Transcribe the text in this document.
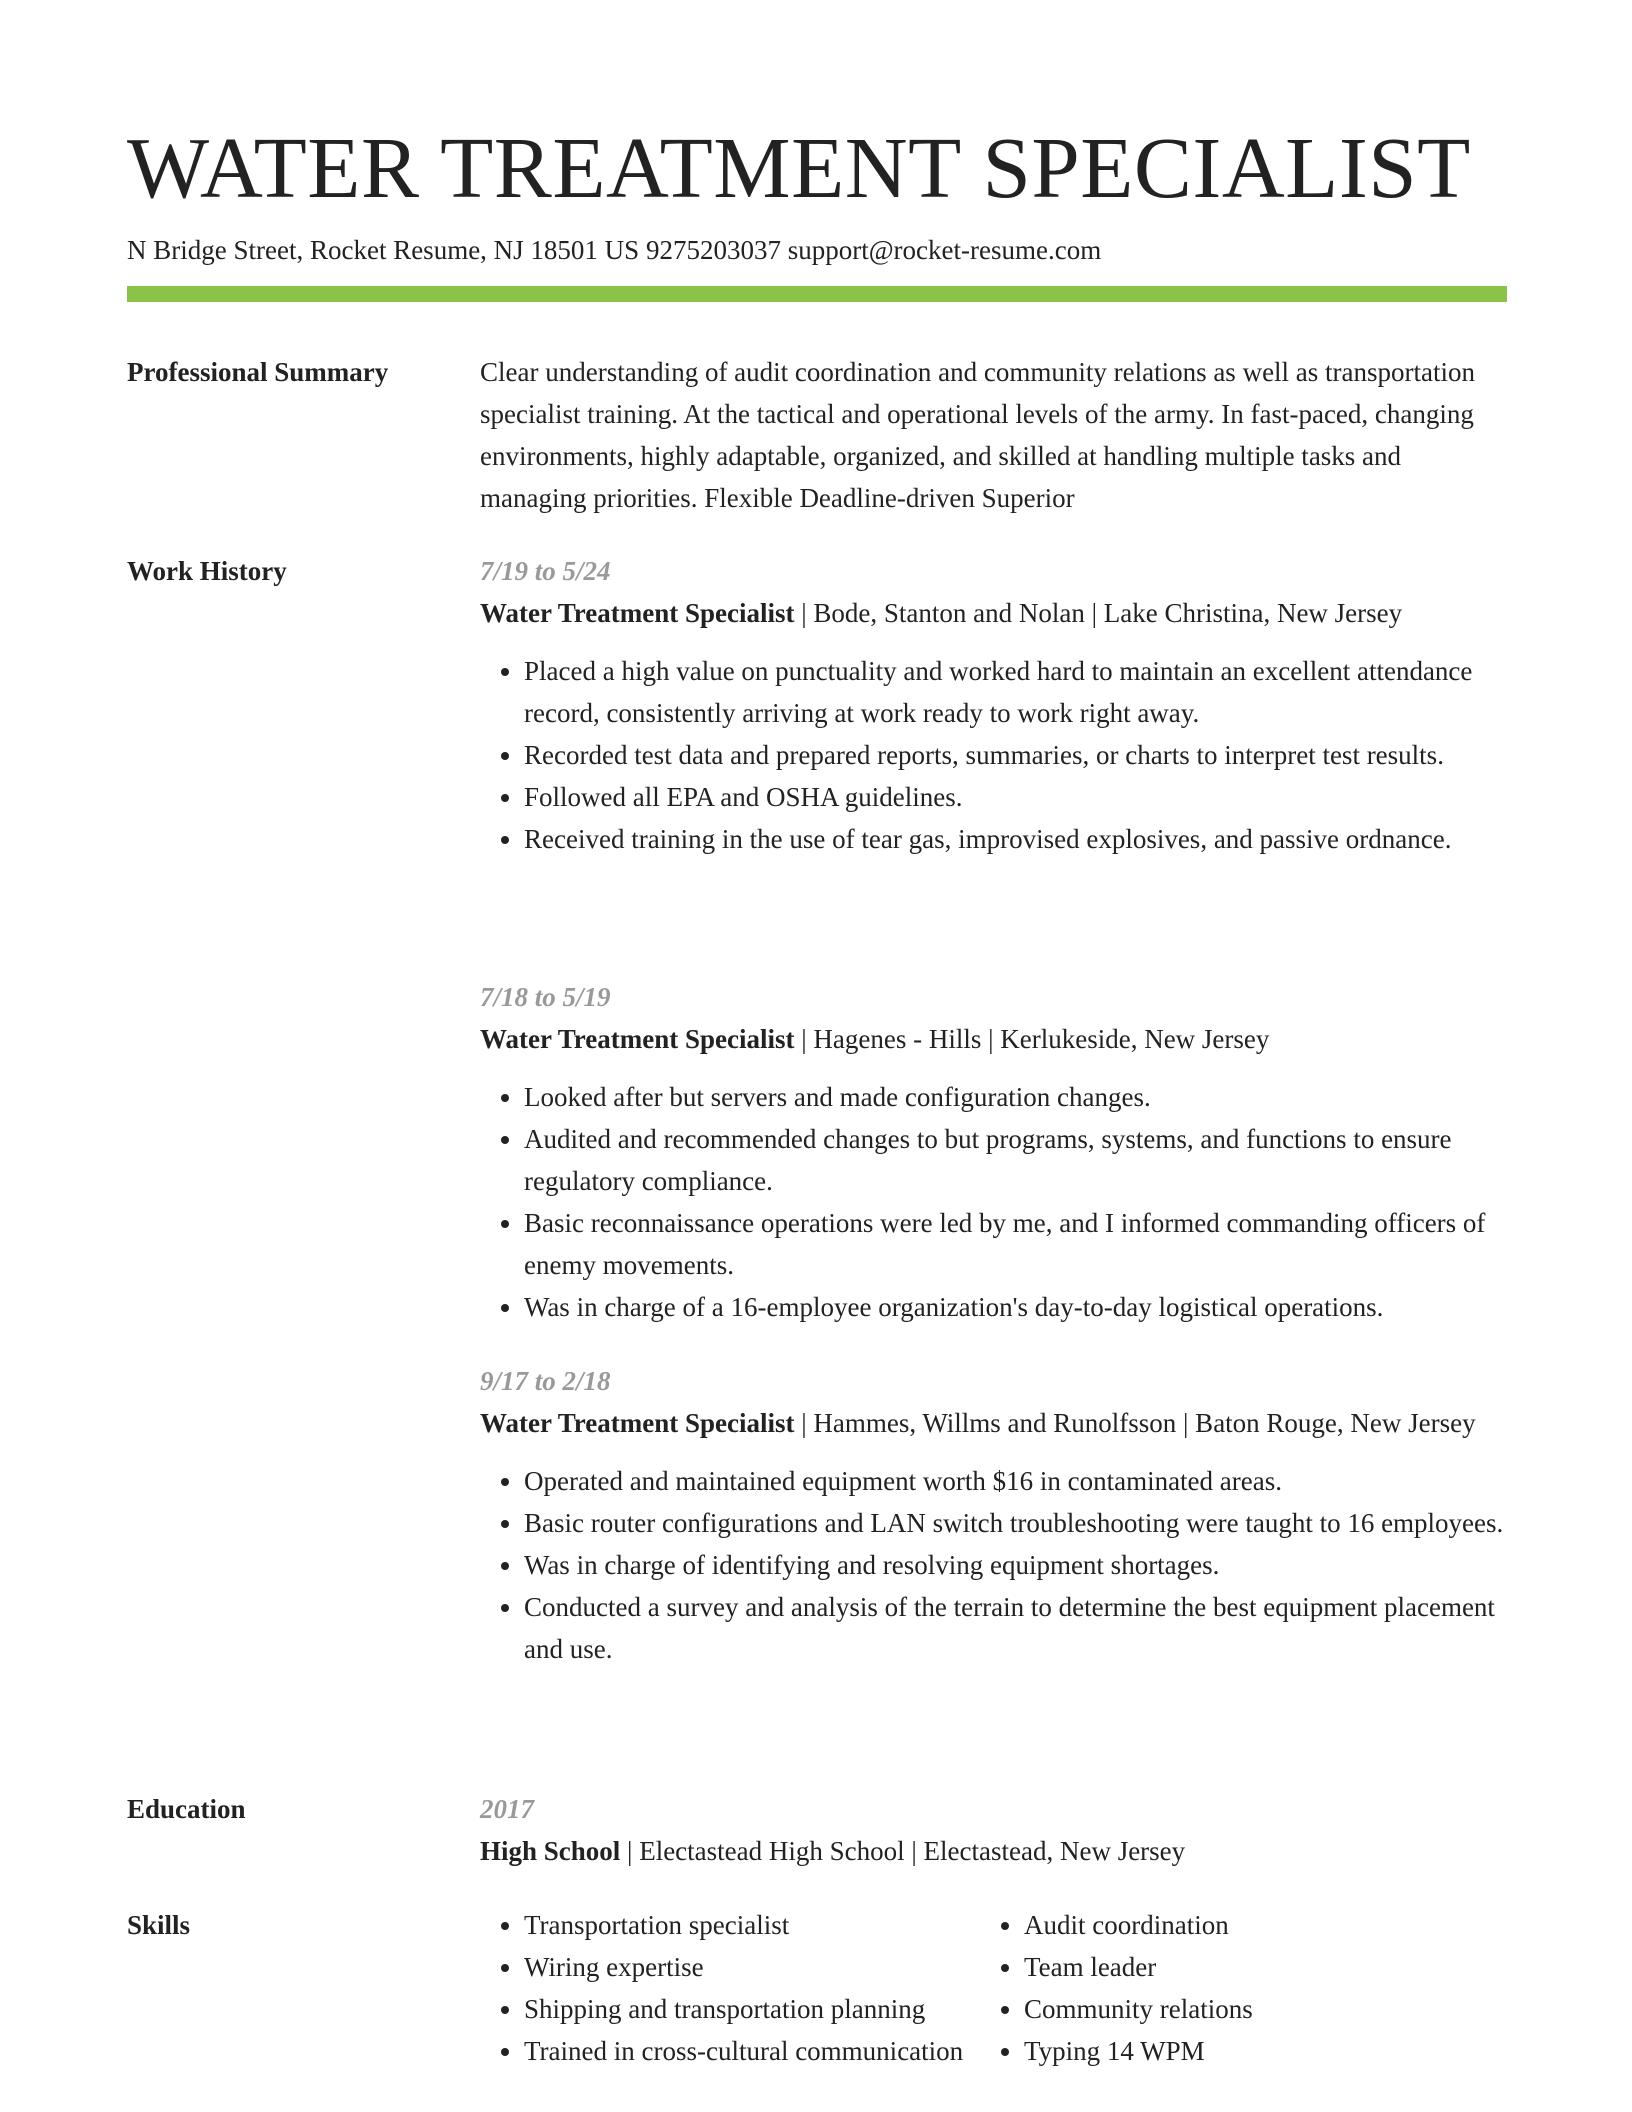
WATER TREATMENT SPECIALIST
N Bridge Street, Rocket Resume, NJ 18501 US 9275203037 support@rocket-resume.com
Professional Summary	Clear understanding of audit coordination and community relations as well as transportation specialist training. At the tactical and operational levels of the army. In fast-paced, changing environments, highly adaptable, organized, and skilled at handling multiple tasks and managing priorities. Flexible Deadline-driven Superior
Work History	7/19 to 5/24
Water Treatment Specialist | Bode, Stanton and Nolan | Lake Christina, New Jersey
• Placed a high value on punctuality and worked hard to maintain an excellent attendance record, consistently arriving at work ready to work right away.
• Recorded test data and prepared reports, summaries, or charts to interpret test results.
• Followed all EPA and OSHA guidelines.
• Received training in the use of tear gas, improvised explosives, and passive ordnance.
7/18 to 5/19
Water Treatment Specialist | Hagenes - Hills | Kerlukeside, New Jersey
• Looked after but servers and made configuration changes.
• Audited and recommended changes to but programs, systems, and functions to ensure regulatory compliance.
• Basic reconnaissance operations were led by me, and I informed commanding officers of enemy movements.
• Was in charge of a 16-employee organization's day-to-day logistical operations.
9/17 to 2/18
Water Treatment Specialist | Hammes, Willms and Runolfsson | Baton Rouge, New Jersey
• Operated and maintained equipment worth $16 in contaminated areas.
• Basic router configurations and LAN switch troubleshooting were taught to 16 employees.
• Was in charge of identifying and resolving equipment shortages.
• Conducted a survey and analysis of the terrain to determine the best equipment placement and use.
Education	2017
High School | Electastead High School | Electastead, New Jersey
Skills
•	Transportation specialist
• Wiring expertise
• Shipping and transportation planning
• Trained in cross-cultural communication
• Audit coordination
• Team leader
• Community relations
• Typing 14 WPM
